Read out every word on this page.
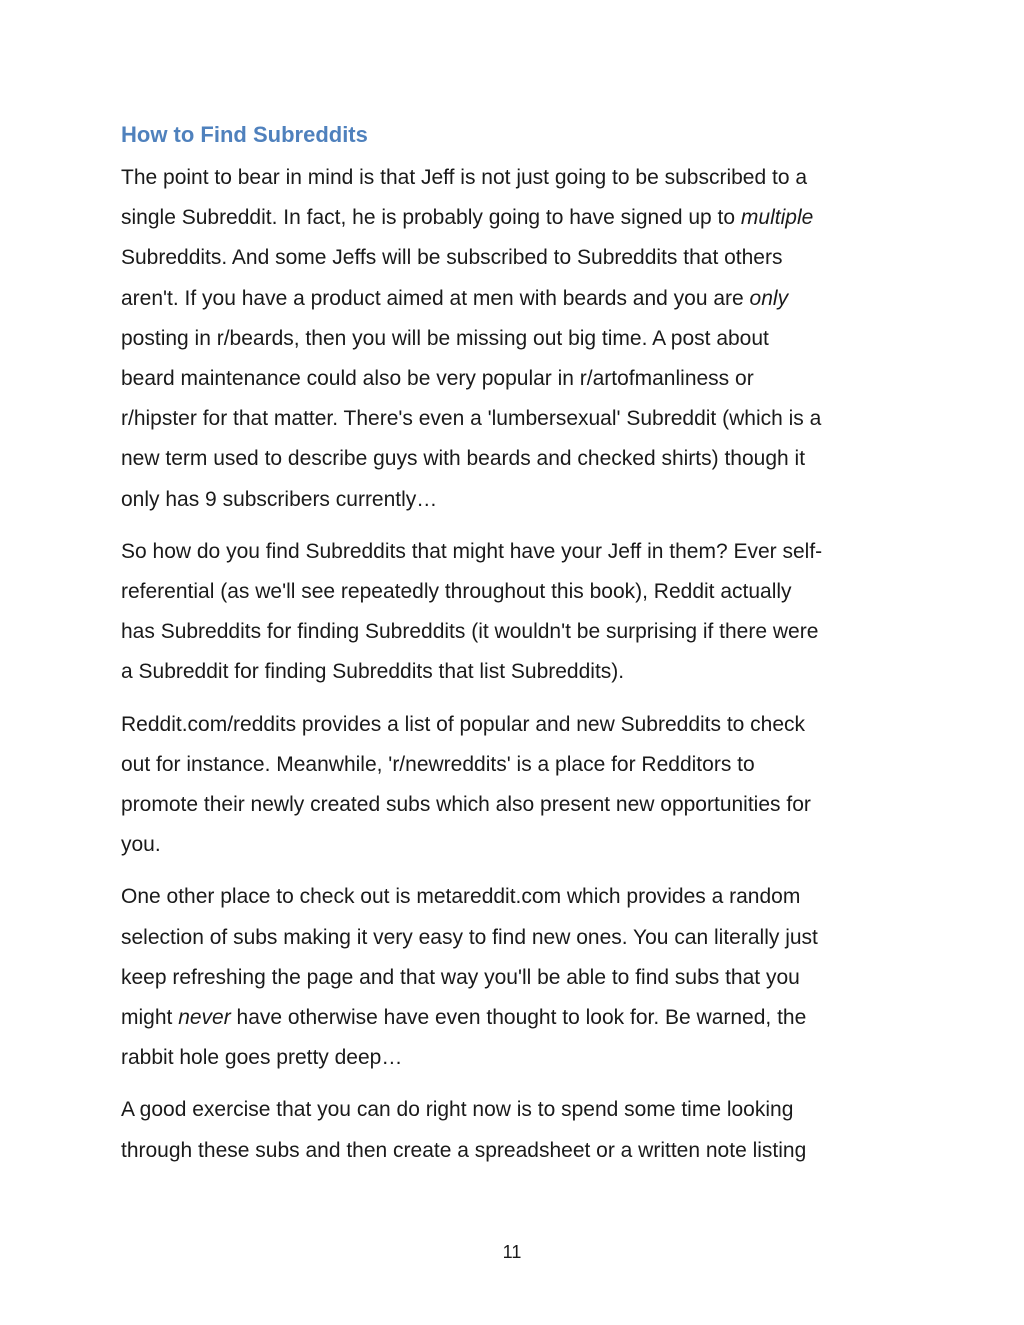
How to Find Subreddits

The point to bear in mind is that Jeff is not just going to be subscribed to a
single Subreddit. In fact, he is probably going to have signed up to multiple
Subreddits. And some Jeffs will be subscribed to Subreddits that others
aren't. If you have a product aimed at men with beards and you are only
posting in r/beards, then you will be missing out big time. A post about
beard maintenance could also be very popular in r/artofmanliness or
r/hipster for that matter. There's even a 'lumbersexual' Subreddit (which is a
new term used to describe guys with beards and checked shirts) though it
only has 9 subscribers currently…

So how do you find Subreddits that might have your Jeff in them? Ever self-
referential (as we'll see repeatedly throughout this book), Reddit actually
has Subreddits for finding Subreddits (it wouldn't be surprising if there were
a Subreddit for finding Subreddits that list Subreddits).

Reddit.com/reddits provides a list of popular and new Subreddits to check
out for instance. Meanwhile, 'r/newreddits' is a place for Redditors to
promote their newly created subs which also present new opportunities for
you.

One other place to check out is metareddit.com which provides a random
selection of subs making it very easy to find new ones. You can literally just
keep refreshing the page and that way you'll be able to find subs that you
might never have otherwise have even thought to look for. Be warned, the
rabbit hole goes pretty deep…

A good exercise that you can do right now is to spend some time looking
through these subs and then create a spreadsheet or a written note listing

11
